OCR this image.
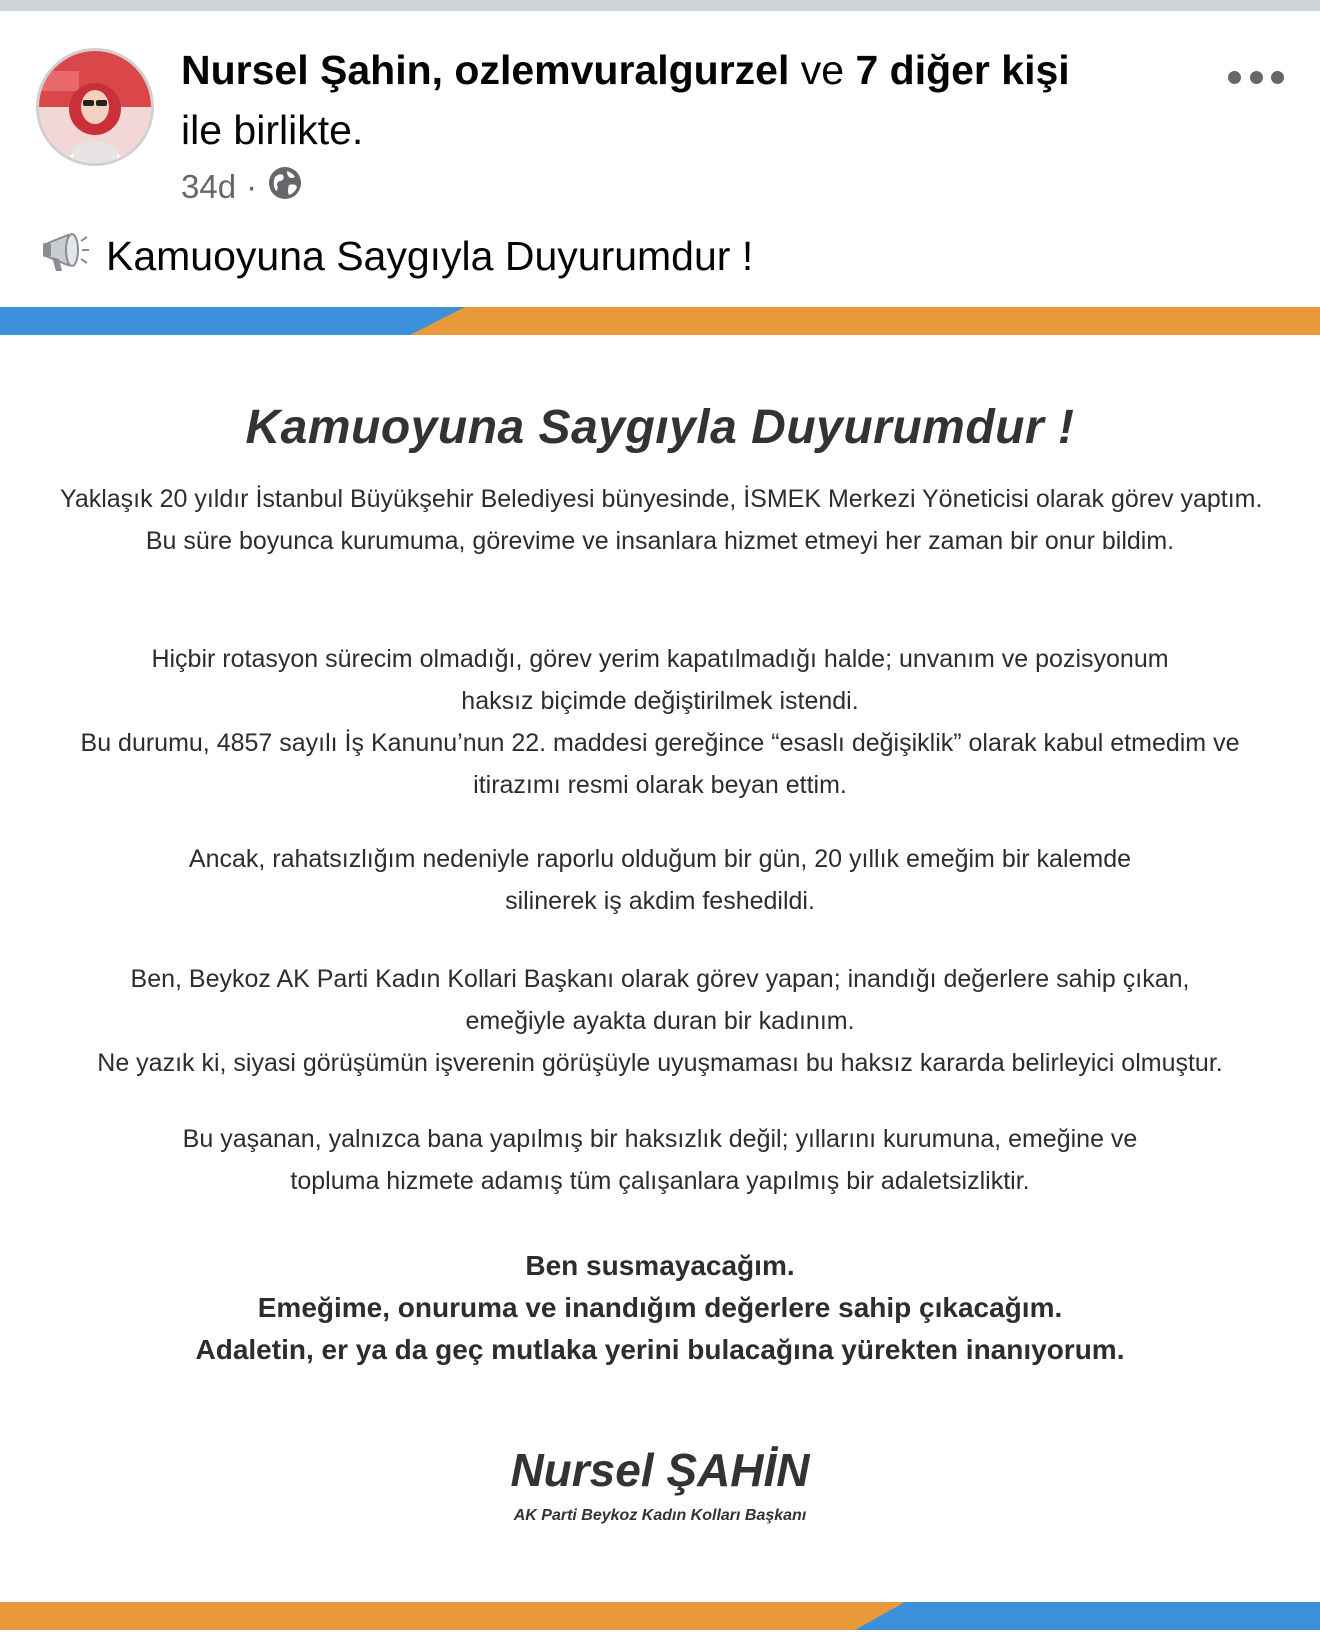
Nursel Şahin, ozlemvuralgurzel ve 7 diğer kişi
ile birlikte.
34d ·
Kamuoyuna Saygıyla Duyurumdur !
Kamuoyuna Saygıyla Duyurumdur !
Yaklaşık 20 yıldır İstanbul Büyükşehir Belediyesi bünyesinde, İSMEK Merkezi Yöneticisi olarak görev yaptım.
Bu süre boyunca kurumuma, görevime ve insanlara hizmet etmeyi her zaman bir onur bildim.
Hiçbir rotasyon sürecim olmadığı, görev yerim kapatılmadığı halde; unvanım ve pozisyonum
haksız biçimde değiştirilmek istendi.
Bu durumu, 4857 sayılı İş Kanunu’nun 22. maddesi gereğince “esaslı değişiklik” olarak kabul etmedim ve
itirazımı resmi olarak beyan ettim.
Ancak, rahatsızlığım nedeniyle raporlu olduğum bir gün, 20 yıllık emeğim bir kalemde
silinerek iş akdim feshedildi.
Ben, Beykoz AK Parti Kadın Kollari Başkanı olarak görev yapan; inandığı değerlere sahip çıkan,
emeğiyle ayakta duran bir kadınım.
Ne yazık ki, siyasi görüşümün işverenin görüşüyle uyuşmaması bu haksız kararda belirleyici olmuştur.
Bu yaşanan, yalnızca bana yapılmış bir haksızlık değil; yıllarını kurumuna, emeğine ve
topluma hizmete adamış tüm çalışanlara yapılmış bir adaletsizliktir.
Ben susmayacağım.
Emeğime, onuruma ve inandığım değerlere sahip çıkacağım.
Adaletin, er ya da geç mutlaka yerini bulacağına yürekten inanıyorum.
Nursel ŞAHİN
AK Parti Beykoz Kadın Kolları Başkanı
